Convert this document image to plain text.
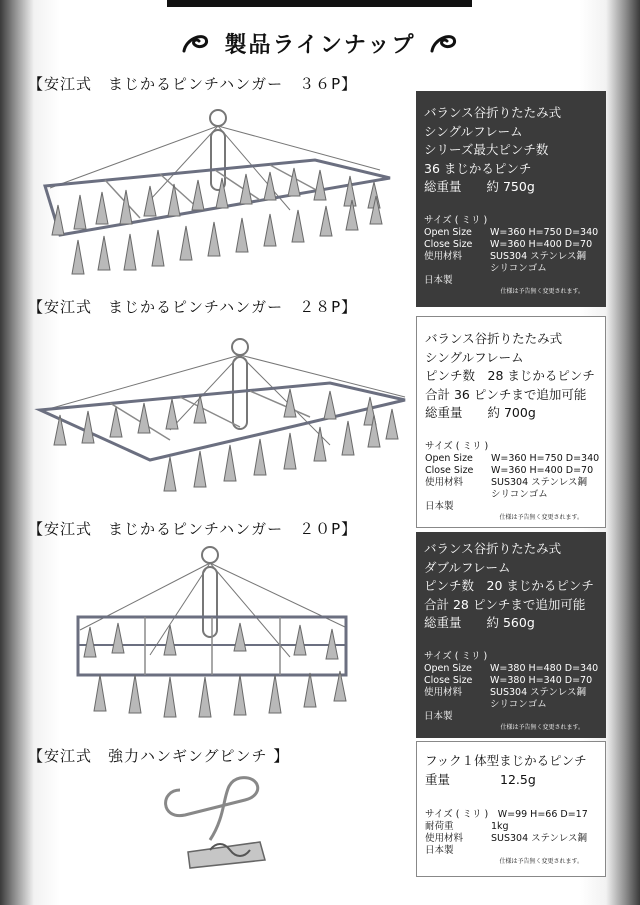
製品ラインナップ
【安江式　まじかるピンチハンガー　３６P】
バランス谷折りたたみ式
シングルフレーム
シリーズ最大ピンチ数
36 まじかるピンチ
総重量　　約 750g
サイズ ( ミリ )
Open Size	W=360 H=750 D=340
Close Size	W=360 H=400 D=70
使用材料	SUS304 ステンレス鋼
シリコンゴム
日本製
仕様は予告無く変更されます。
【安江式　まじかるピンチハンガー　２８P】
バランス谷折りたたみ式
シングルフレーム
ピンチ数　28 まじかるピンチ
合計 36 ピンチまで追加可能
総重量　　約 700g
サイズ ( ミリ )
Open Size	W=360 H=750 D=340
Close Size	W=360 H=400 D=70
使用材料	SUS304 ステンレス鋼
シリコンゴム
日本製
仕様は予告無く変更されます。
【安江式　まじかるピンチハンガー　２０P】
バランス谷折りたたみ式
ダブルフレーム
ピンチ数　20 まじかるピンチ
合計 28 ピンチまで追加可能
総重量　　約 560g
サイズ ( ミリ )
Open Size	W=380 H=480 D=340
Close Size	W=380 H=340 D=70
使用材料	SUS304 ステンレス鋼
シリコンゴム
日本製
仕様は予告無く変更されます。
【安江式　強力ハンギングピンチ 】	フック１体型まじかるピンチ
重量　　　　12.5g
サイズ ( ミリ )　W=99 H=66 D=17
耐荷重	1kg
使用材料	SUS304 ステンレス鋼
日本製
仕様は予告無く変更されます。
